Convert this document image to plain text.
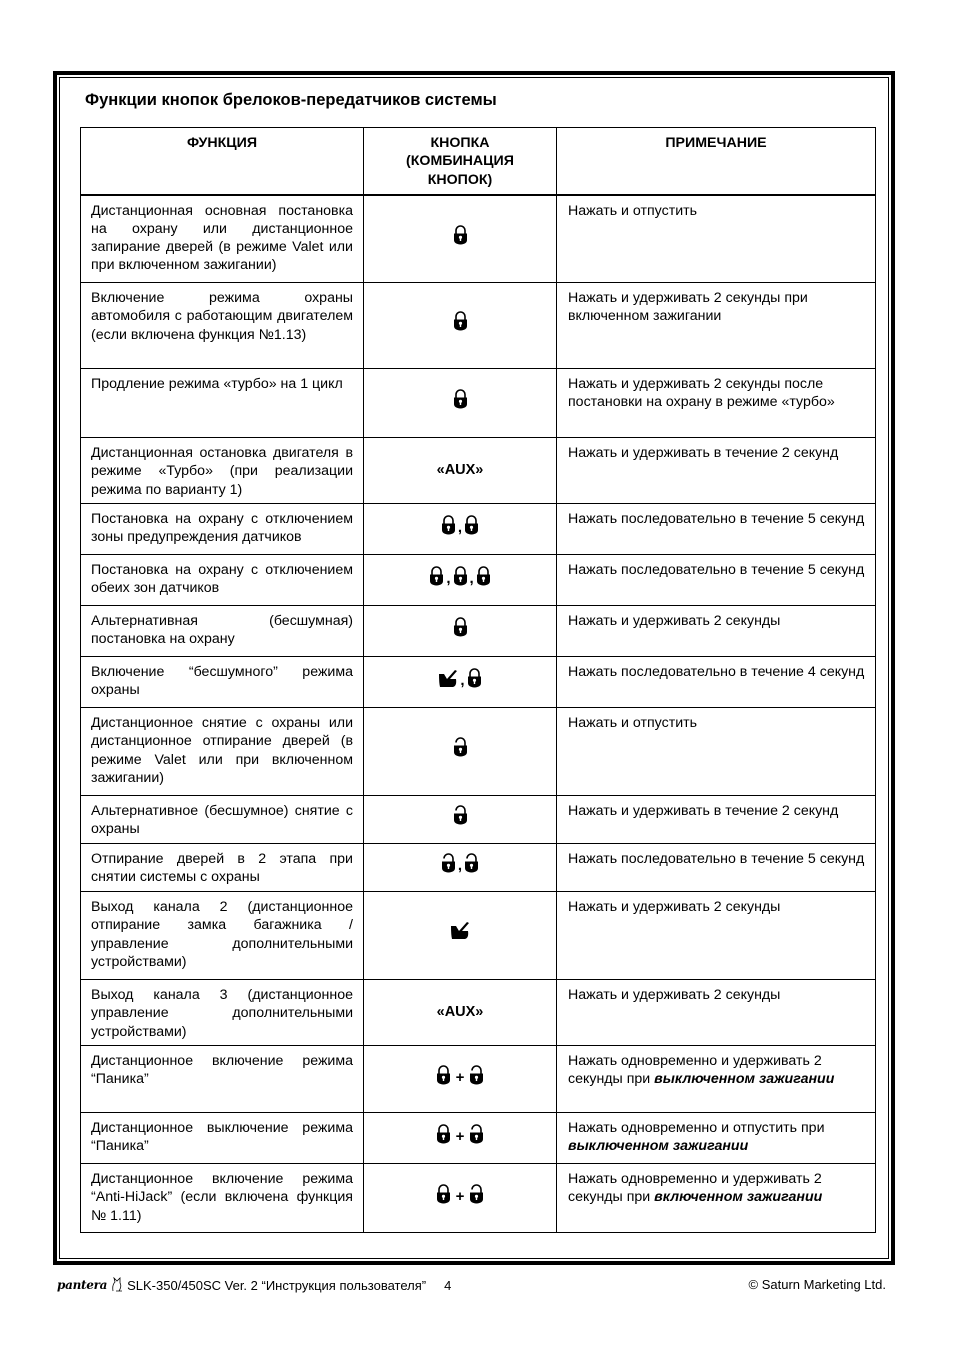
Функции кнопок брелоков-передатчиков системы
ФУНКЦИЯ	КНОПКА (КОМБИНАЦИЯ КНОПОК)	ПРИМЕЧАНИЕ
Дистанционная основная постановка на охрану или дистанционное запирание дверей (в режиме Valet или при включенном зажигании)		Нажать и отпустить
Включение режима охраны автомобиля с работающим двигателем (если включена функция №1.13)		Нажать и удерживать 2 секунды при включенном зажигании
Продление режима «турбо» на 1 цикл		Нажать и удерживать 2 секунды после постановки на охрану в режиме «турбо»
Дистанционная остановка двигателя в режиме «Турбо» (при реализации режима по варианту 1)	«AUX»	Нажать и удерживать в течение 2 секунд
Постановка на охрану с отключением зоны предупреждения датчиков	,	Нажать последовательно в течение 5 секунд
Постановка на охрану с отключением обеих зон датчиков	, ,	Нажать последовательно в течение 5 секунд
Альтернативная (бесшумная) постановка на охрану		Нажать и удерживать 2 секунды
Включение “бесшумного” режима охраны	,	Нажать последовательно в течение 4 секунд
Дистанционное снятие с охраны или дистанционное отпирание дверей (в режиме Valet или при включенном зажигании)		Нажать и отпустить
Альтернативное (бесшумное) снятие с охраны		Нажать и удерживать в течение 2 секунд
Отпирание дверей в 2 этапа при снятии системы с охраны	,	Нажать последовательно в течение 5 секунд
Выход канала 2 (дистанционное отпирание замка багажника / управление дополнительными устройствами)		Нажать и удерживать 2 секунды
Выход канала 3 (дистанционное управление дополнительными устройствами)	«AUX»	Нажать и удерживать 2 секунды
Дистанционное включение режима “Паника”	+	Нажать одновременно и удерживать 2 секунды при выключенном зажигании
Дистанционное выключение режима “Паника”	+	Нажать одновременно и отпустить при выключенном зажигании
Дистанционное включение режима “Anti-HiJack” (если включена функция № 1.11)	+	Нажать одновременно и удерживать 2 секунды при включенном зажигании
pantera SLK-350/450SC Ver. 2 “Инструкция пользователя” 4	© Saturn Marketing Ltd.
